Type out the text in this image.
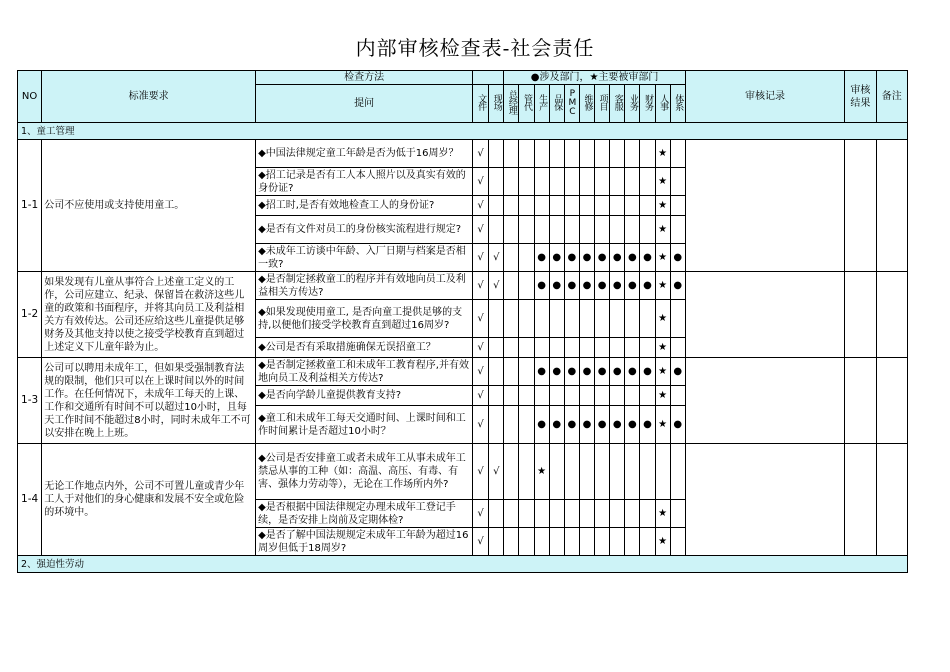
内部审核检查表-社会责任
NO	标准要求	检查方法			●涉及部门，★主要被审部门												审核记录	审核结果	备注
		提问	文件	现场	总经理	管代	生产	品保	PMC	维修	项目	客服	业务	财务	人事	体系			
1、童工管理																			
1-1	公司不应使用或支持使用童工。	◆中国法律规定童工年龄是否为低于16周岁？	√												★				
		◆招工记录是否有工人本人照片以及真实有效的身份证?	√												★				
		◆招工时,是否有效地检查工人的身份证?	√												★				
		◆是否有文件对员工的身份核实流程进行规定?	√												★				
		◆未成年工访谈中年龄、入厂日期与档案是否相一致?	√	√			●	●	●	●	●	●	●	●	★	●			
1-2	如果发现有儿童从事符合上述童工定义的工作，公司应建立、纪录、保留旨在救济这些儿童的政策和书面程序，并将其向员工及利益相关方有效传达。公司还应给这些儿童提供足够财务及其他支持以使之接受学校教育直到超过上述定义下儿童年龄为止。	◆是否制定拯救童工的程序并有效地向员工及利益相关方传达?	√	√			●	●	●	●	●	●	●	●	★	●			
		◆如果发现使用童工, 是否向童工提供足够的支持,以便他们接受学校教育直到超过16周岁?	√												★				
		◆公司是否有采取措施确保无误招童工？	√												★				
1-3	公司可以聘用未成年工，但如果受强制教育法规的限制，他们只可以在上课时间以外的时间工作。在任何情况下，未成年工每天的上课、工作和交通所有时间不可以超过10小时，且每天工作时间不能超过8小时，同时未成年工不可以安排在晚上上班。	◆是否制定拯救童工和未成年工教育程序,并有效地向员工及利益相关方传达?	√				●	●	●	●	●	●	●	●	★	●			
		◆是否向学龄儿童提供教育支持?	√												★				
		◆童工和未成年工每天交通时间、上课时间和工作时间累计是否超过10小时？	√				●	●	●	●	●	●	●	●	★	●			
1-4	无论工作地点内外，公司不可置儿童或青少年工人于对他们的身心健康和发展不安全或危险的环境中。	◆公司是否安排童工或者未成年工从事未成年工禁忌从事的工种（如：高温、高压、有毒、有害、强体力劳动等），无论在工作场所内外?	√	√			★												
		◆是否根据中国法律规定办理未成年工登记手续，是否安排上岗前及定期体检?	√												★				
		◆是否了解中国法规规定未成年工年龄为超过16周岁但低于18周岁?	√												★				
2、强迫性劳动																			
